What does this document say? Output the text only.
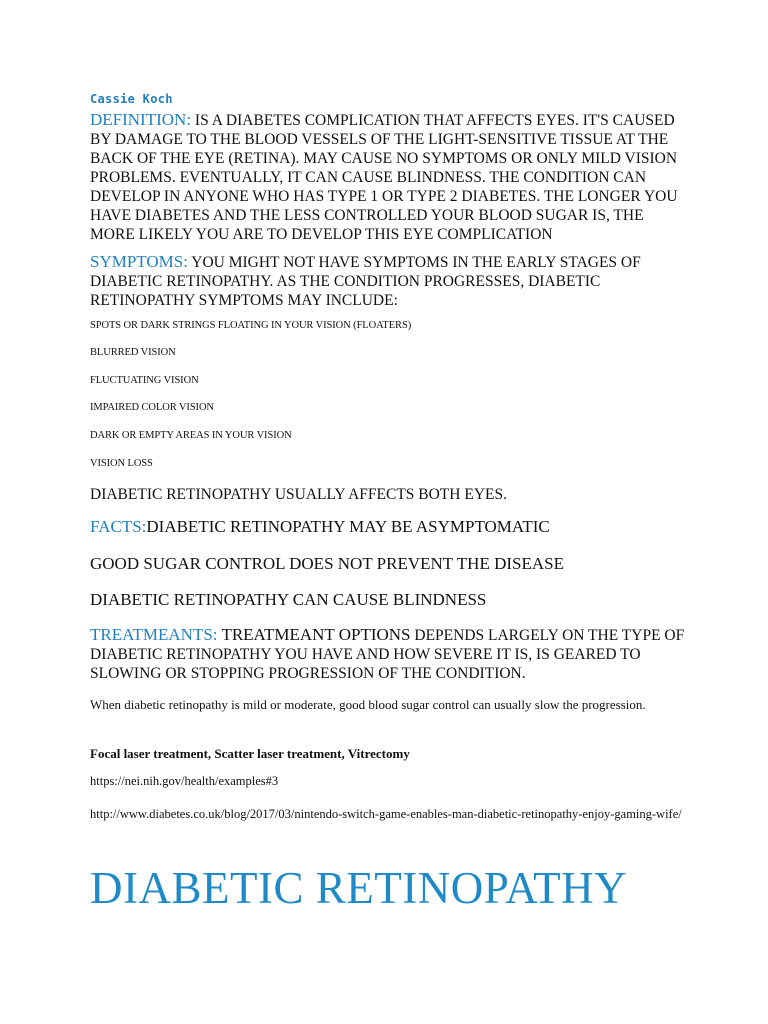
Cassie Koch
DEFINITION: IS A DIABETES COMPLICATION THAT AFFECTS EYES. IT'S CAUSED BY DAMAGE TO THE BLOOD VESSELS OF THE LIGHT-SENSITIVE TISSUE AT THE BACK OF THE EYE (RETINA). MAY CAUSE NO SYMPTOMS OR ONLY MILD VISION PROBLEMS. EVENTUALLY, IT CAN CAUSE BLINDNESS. THE CONDITION CAN DEVELOP IN ANYONE WHO HAS TYPE 1 OR TYPE 2 DIABETES. THE LONGER YOU HAVE DIABETES AND THE LESS CONTROLLED YOUR BLOOD SUGAR IS, THE MORE LIKELY YOU ARE TO DEVELOP THIS EYE COMPLICATION
SYMPTOMS: YOU MIGHT NOT HAVE SYMPTOMS IN THE EARLY STAGES OF DIABETIC RETINOPATHY. AS THE CONDITION PROGRESSES, DIABETIC RETINOPATHY SYMPTOMS MAY INCLUDE:
SPOTS OR DARK STRINGS FLOATING IN YOUR VISION (FLOATERS)
BLURRED VISION
FLUCTUATING VISION
IMPAIRED COLOR VISION
DARK OR EMPTY AREAS IN YOUR VISION
VISION LOSS
DIABETIC RETINOPATHY USUALLY AFFECTS BOTH EYES.
FACTS:DIABETIC RETINOPATHY MAY BE ASYMPTOMATIC
GOOD SUGAR CONTROL DOES NOT PREVENT THE DISEASE
DIABETIC RETINOPATHY CAN CAUSE BLINDNESS
TREATMEANTS: TREATMEANT OPTIONS DEPENDS LARGELY ON THE TYPE OF DIABETIC RETINOPATHY YOU HAVE AND HOW SEVERE IT IS, IS GEARED TO SLOWING OR STOPPING PROGRESSION OF THE CONDITION.
When diabetic retinopathy is mild or moderate, good blood sugar control can usually slow the progression.
Focal laser treatment, Scatter laser treatment, Vitrectomy
https://nei.nih.gov/health/examples#3
http://www.diabetes.co.uk/blog/2017/03/nintendo-switch-game-enables-man-diabetic-retinopathy-enjoy-gaming-wife/
DIABETIC RETINOPATHY
